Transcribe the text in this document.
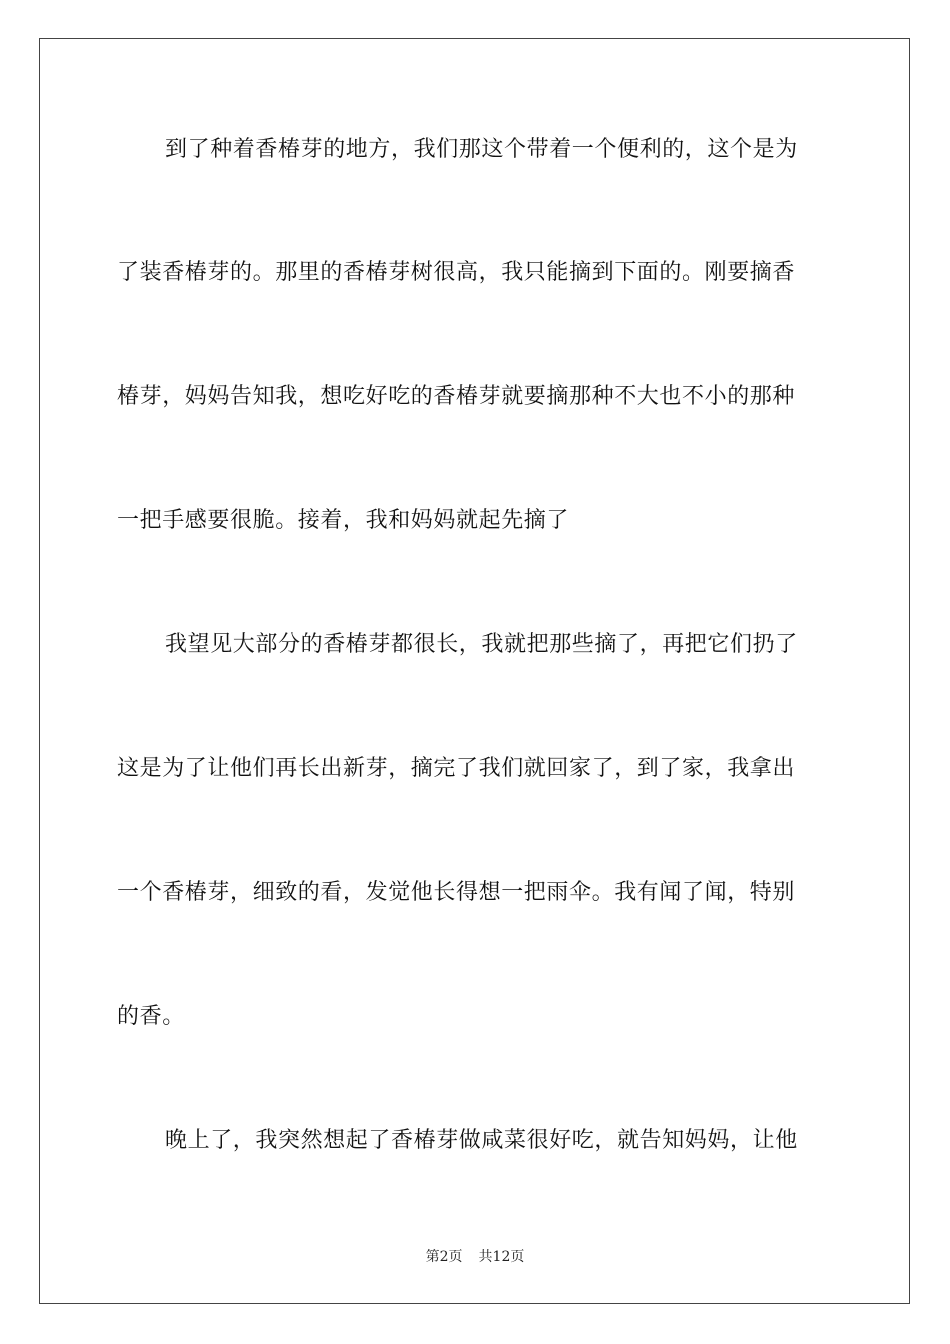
到了种着香椿芽的地方，我们那这个带着一个便利的，这个是为
了装香椿芽的。那里的香椿芽树很高，我只能摘到下面的。刚要摘香
椿芽，妈妈告知我，想吃好吃的香椿芽就要摘那种不大也不小的那种
一把手感要很脆。接着，我和妈妈就起先摘了
我望见大部分的香椿芽都很长，我就把那些摘了，再把它们扔了
这是为了让他们再长出新芽，摘完了我们就回家了，到了家，我拿出
一个香椿芽，细致的看，发觉他长得想一把雨伞。我有闻了闻，特别
的香。
晚上了，我突然想起了香椿芽做咸菜很好吃，就告知妈妈，让他
第2页 共12页
